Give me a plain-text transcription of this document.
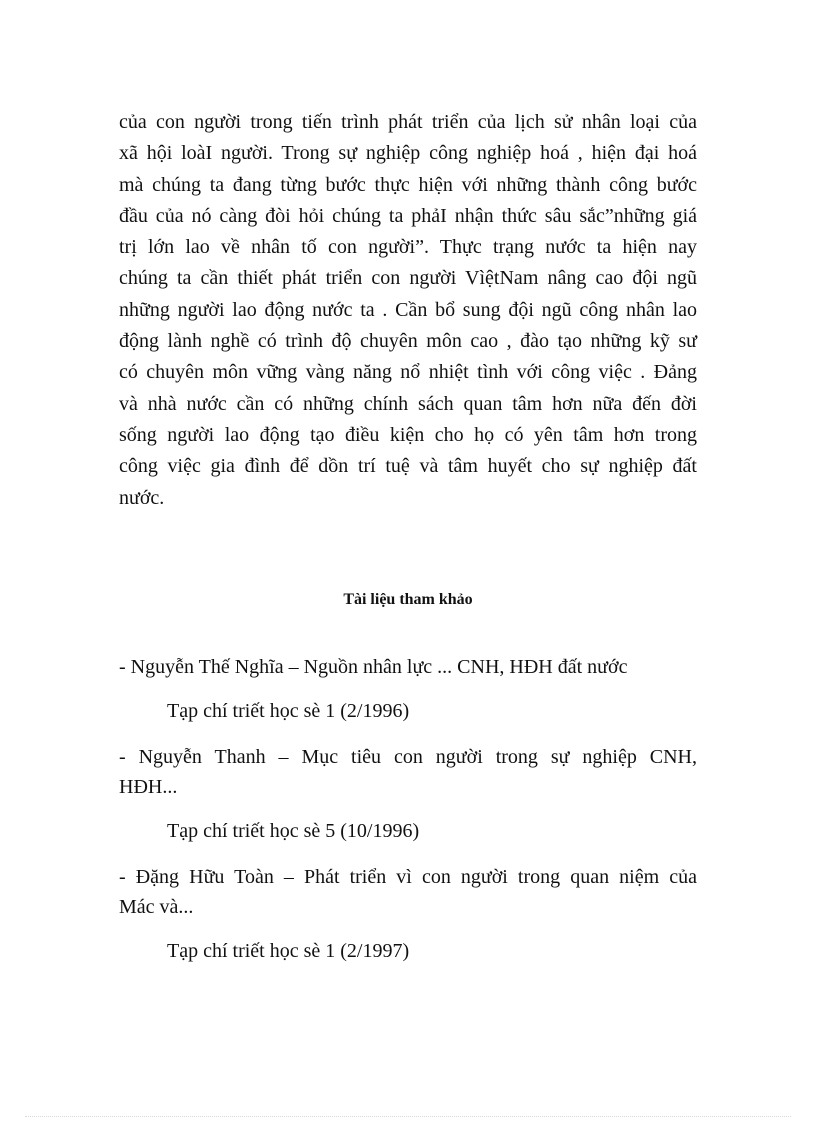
của con người trong tiến trình phát triển của lịch sử nhân loại của
xã hội loàI người. Trong sự nghiệp công nghiệp hoá , hiện đại hoá
mà chúng ta đang từng bước thực hiện với những thành công bước
đầu của nó càng đòi hỏi chúng ta phảI nhận thức sâu sắc”những giá
trị lớn lao về nhân tố con người”. Thực trạng nước ta hiện nay
chúng ta cần thiết phát triển con người VìệtNam nâng cao đội ngũ
những người lao động nước ta . Cần bổ sung đội ngũ công nhân lao
động lành nghề có trình độ chuyên môn cao , đào tạo những kỹ sư
có chuyên môn vững vàng năng nổ nhiệt tình với công việc . Đảng
và nhà nước cần có những chính sách quan tâm hơn nữa đến đời
sống người lao động tạo điều kiện cho họ có yên tâm hơn trong
công việc gia đình để dồn trí tuệ và tâm huyết cho sự nghiệp đất
nước.
Tài liệu tham khảo
- Nguyễn Thế Nghĩa – Nguồn nhân lực ... CNH, HĐH đất nước
Tạp chí triết học sè 1 (2/1996)
- Nguyễn Thanh – Mục tiêu con người trong sự nghiệp CNH,
HĐH...
Tạp chí triết học sè 5 (10/1996)
- Đặng Hữu Toàn – Phát triển vì con người trong quan niệm của
Mác và...
Tạp chí triết học sè 1 (2/1997)
